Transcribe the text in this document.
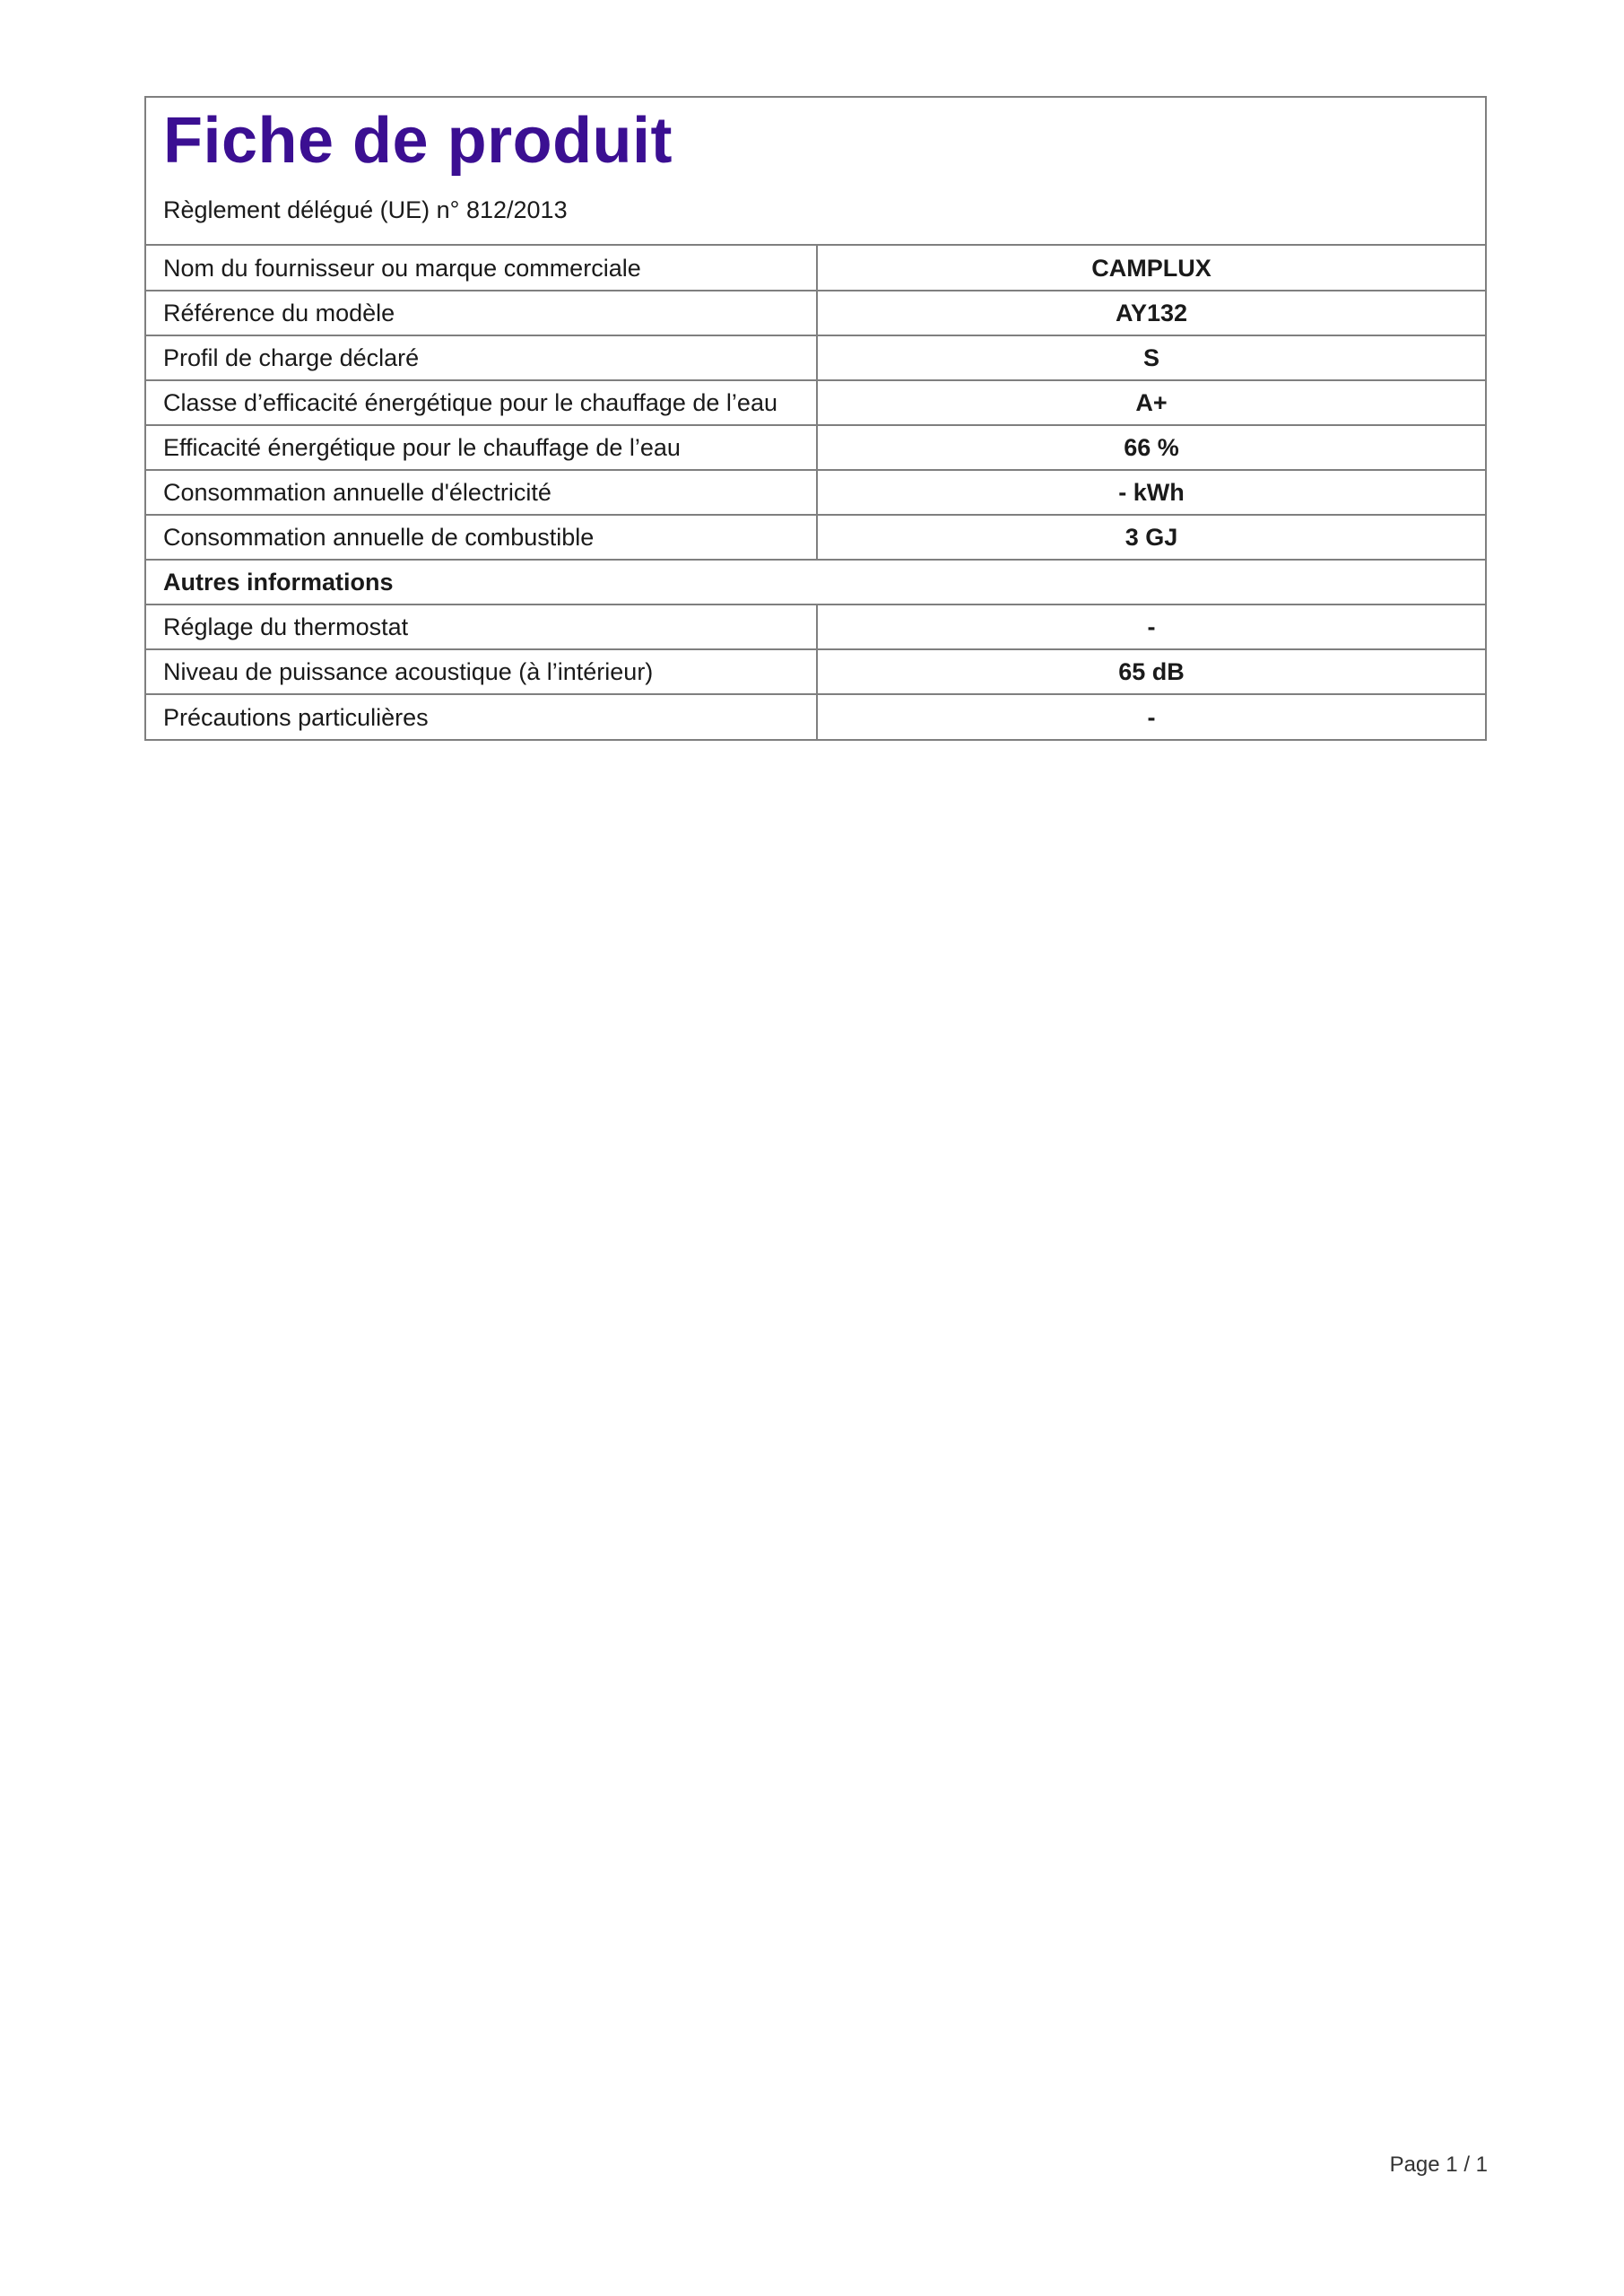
Fiche de produit
Règlement délégué (UE) n° 812/2013
Nom du fournisseur ou marque commerciale	CAMPLUX
Référence du modèle	AY132
Profil de charge déclaré	S
Classe d’efficacité énergétique pour le chauffage de l’eau	A+
Efficacité énergétique pour le chauffage de l’eau	66 %
Consommation annuelle d'électricité	- kWh
Consommation annuelle de combustible	3 GJ
Autres informations	
Réglage du thermostat	-
Niveau de puissance acoustique (à l’intérieur)	65 dB
Précautions particulières	-
Page 1 / 1
